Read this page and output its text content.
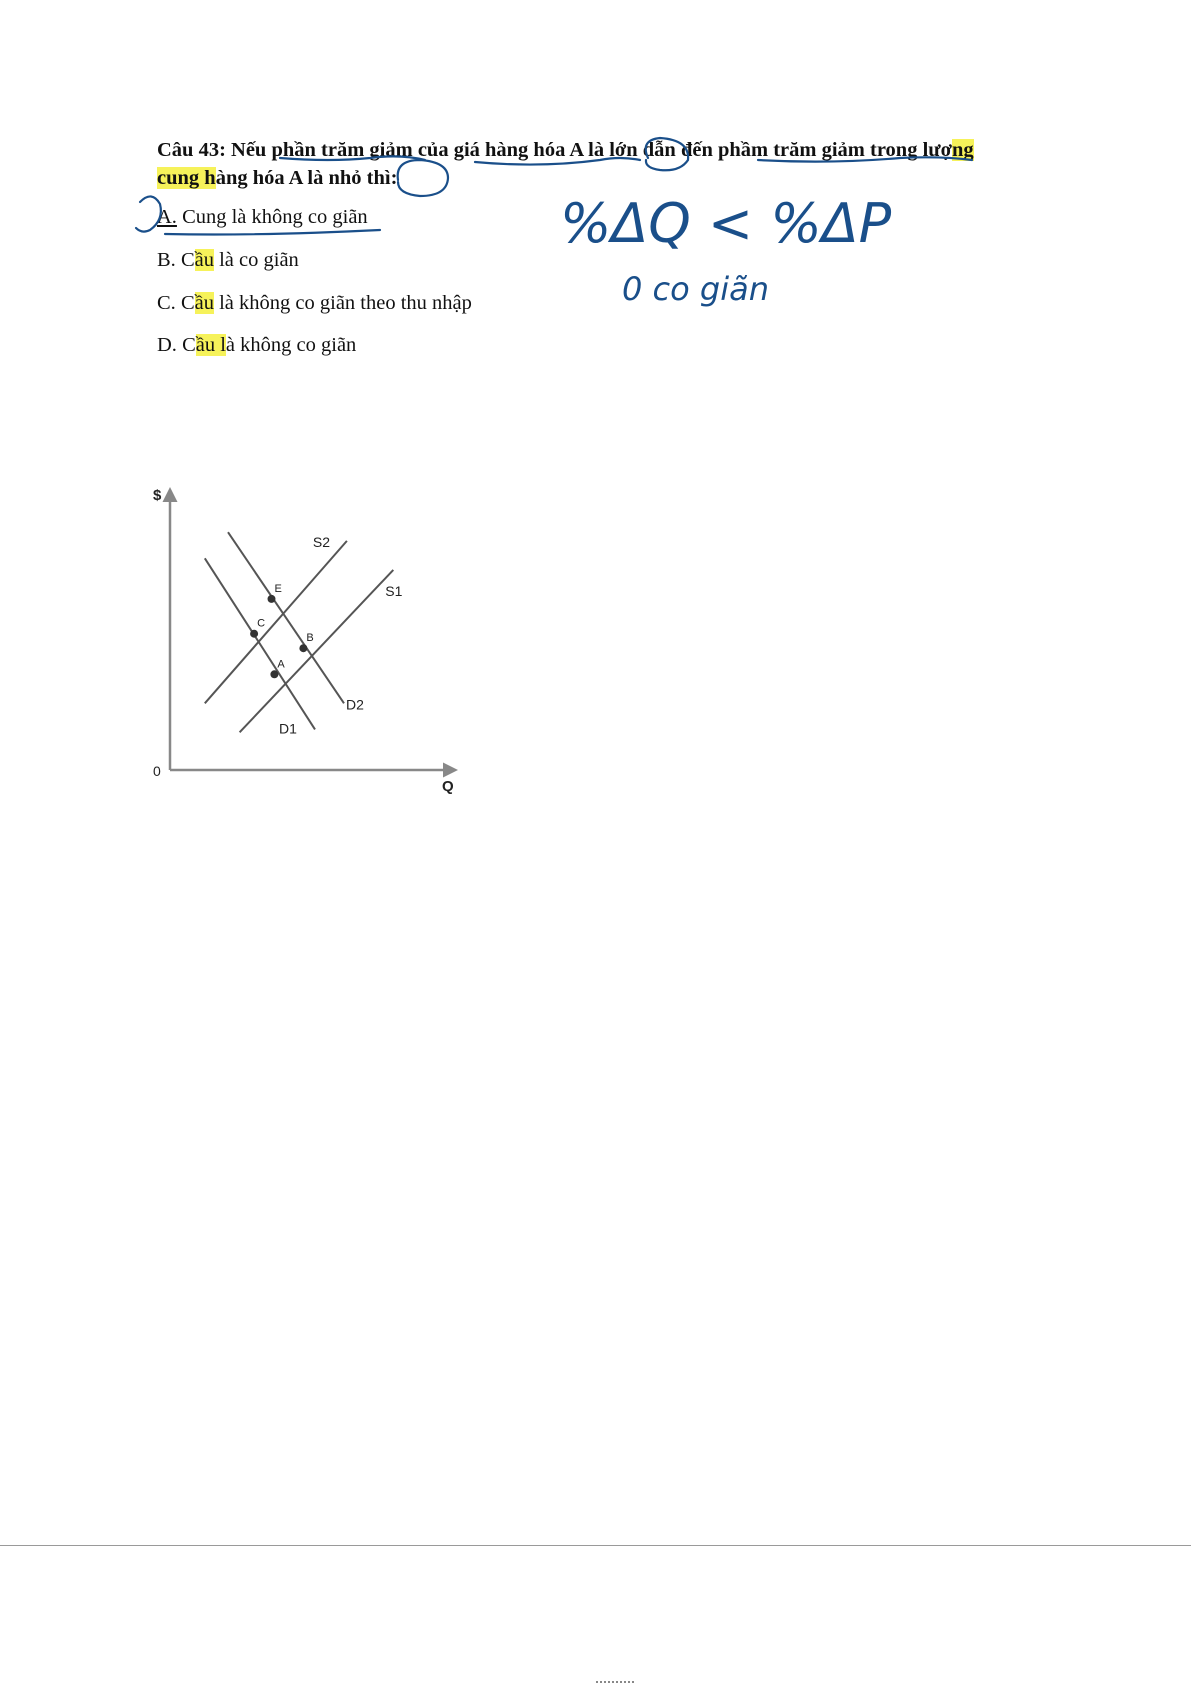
Câu 43: Nếu phần trăm giảm của giá hàng hóa A là lớn dẫn đến phầm trăm giảm trong lượng cung hàng hóa A là nhỏ thì:
A. Cung là không co giãn
B. Cầu là co giãn
C. Cầu là không co giãn theo thu nhập
D. Cầu là không co giãn
%ΔQ < %ΔP
0 co giãn
$
Q
0
S1
S2
D1
D2
A
B
C
E
